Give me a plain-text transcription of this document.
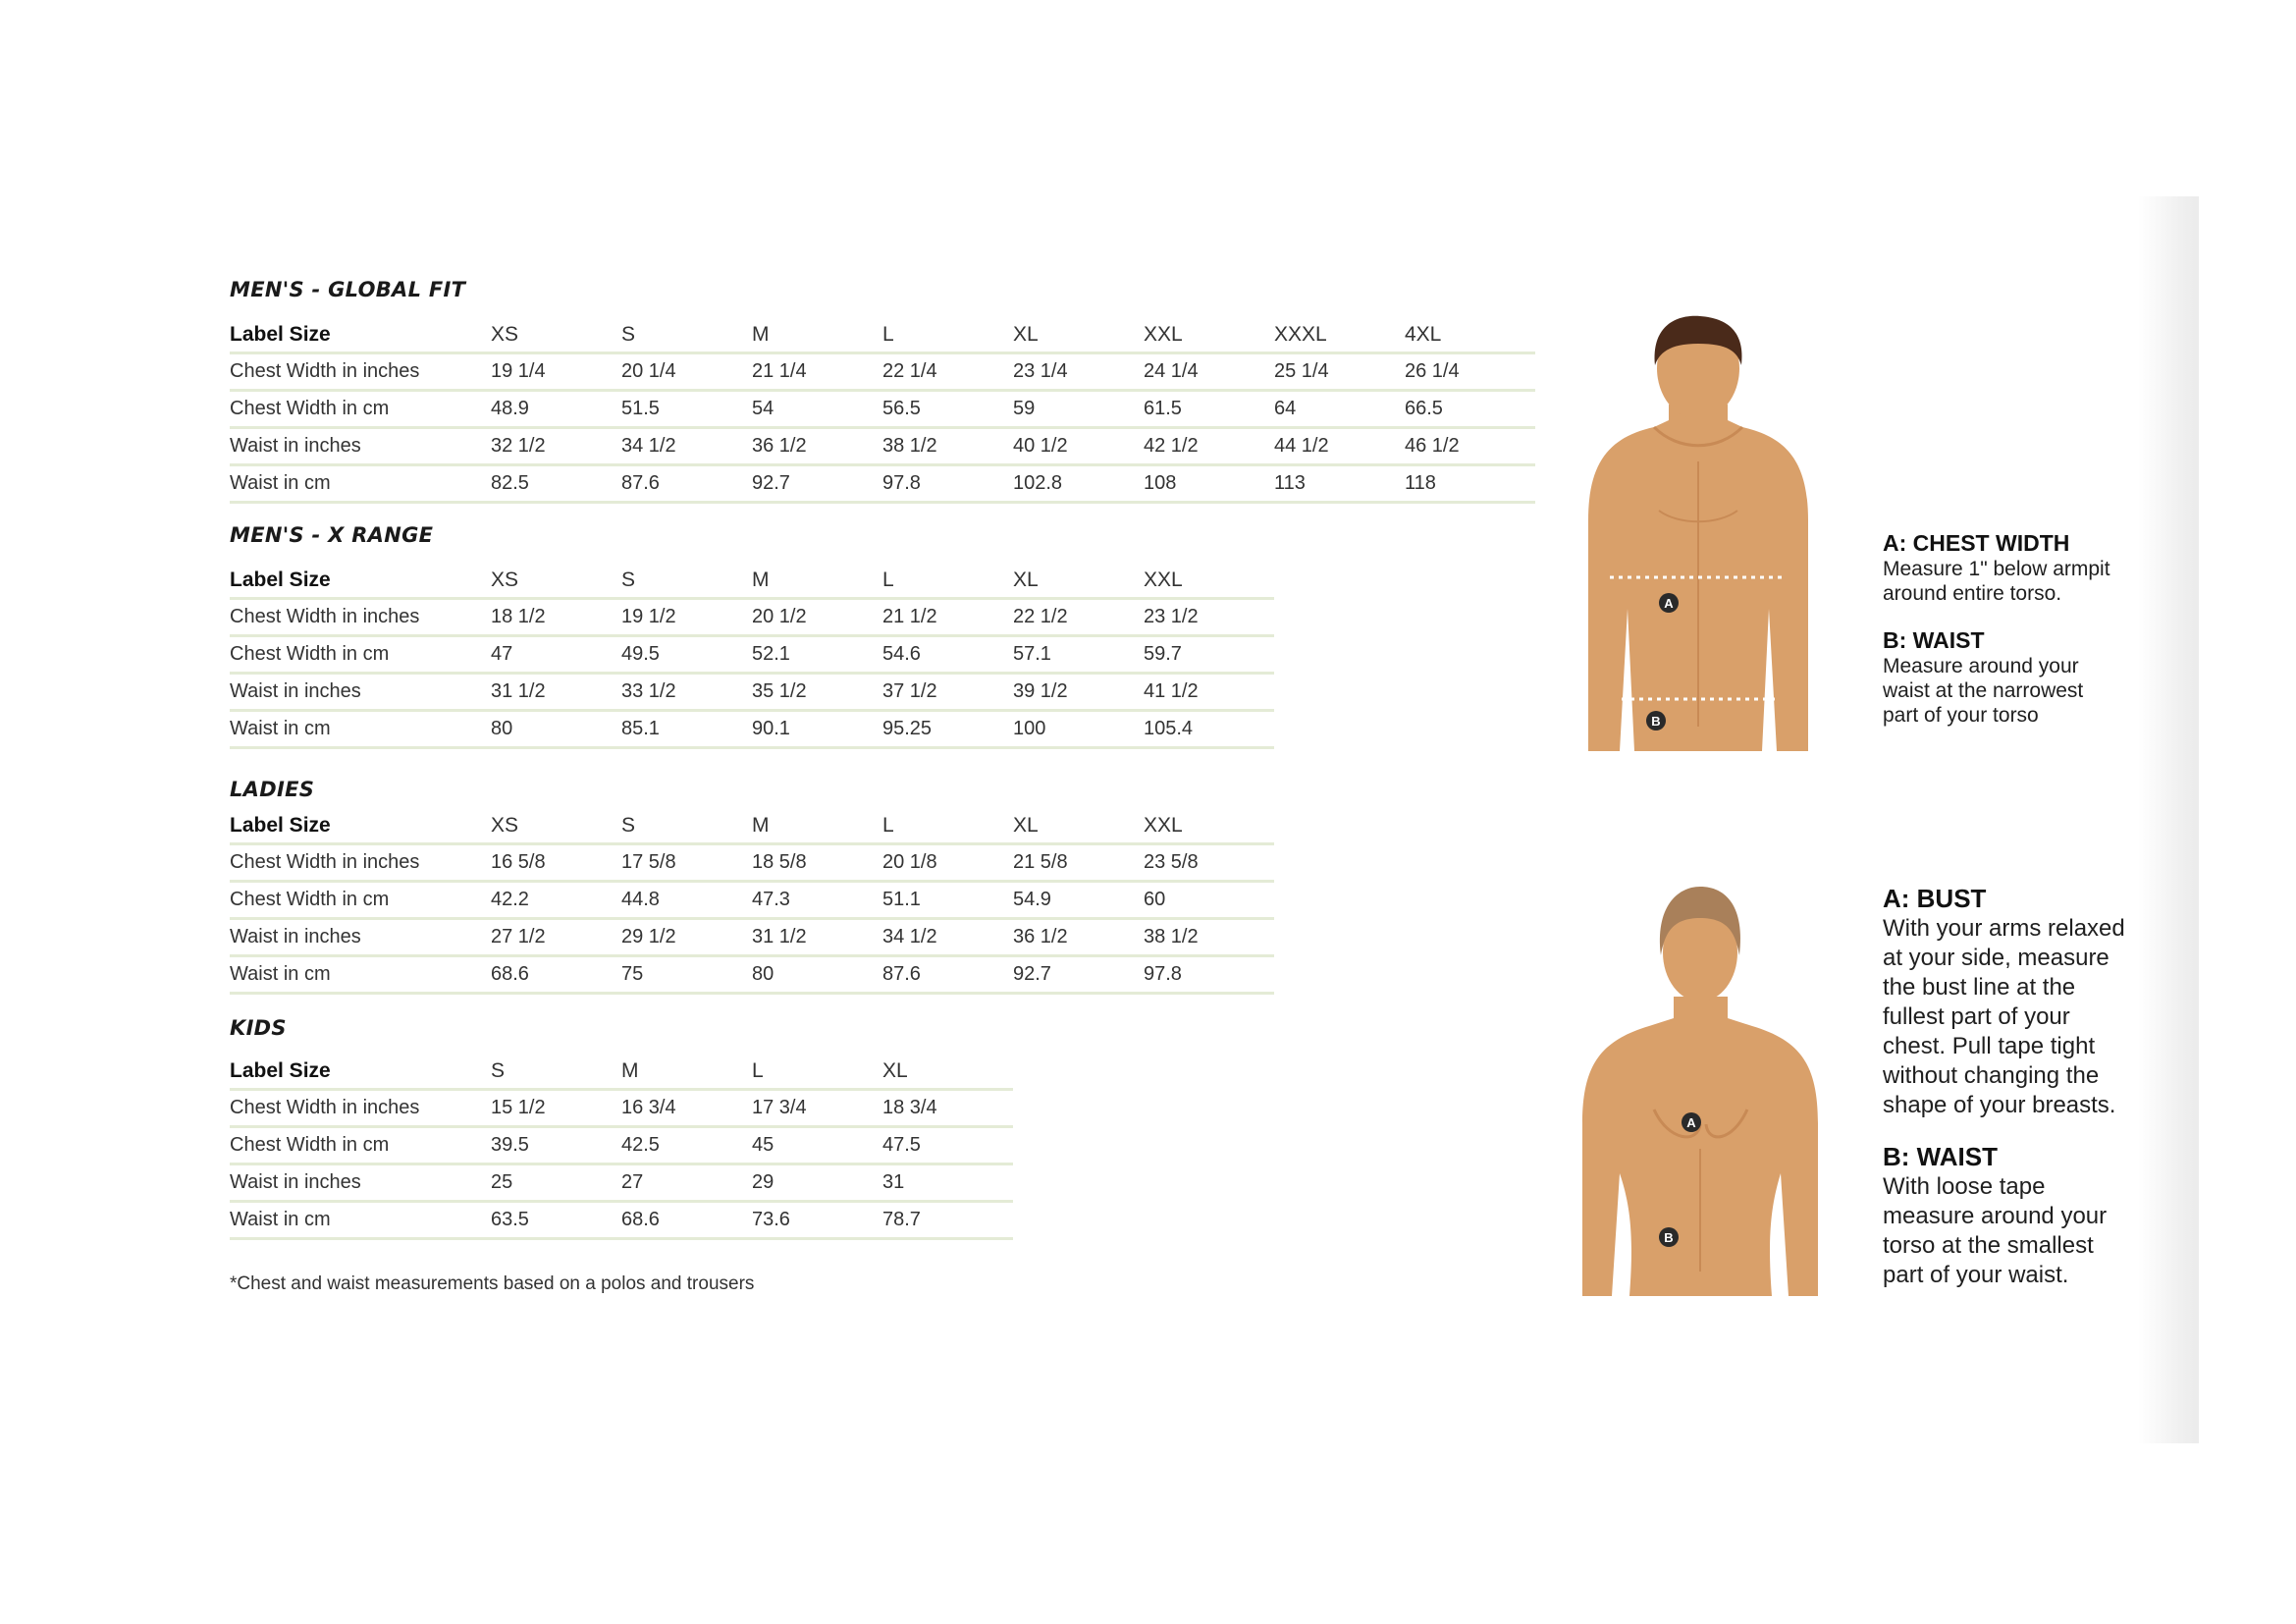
MEN'S - GLOBAL FIT
Label Size	XS	S	M	L	XL	XXL	XXXL	4XL
Chest Width in inches	19 1/4	20 1/4	21 1/4	22 1/4	23 1/4	24 1/4	25 1/4	26 1/4
Chest Width in cm	48.9	51.5	54	56.5	59	61.5	64	66.5
Waist in inches	32 1/2	34 1/2	36 1/2	38 1/2	40 1/2	42 1/2	44 1/2	46 1/2
Waist in cm	82.5	87.6	92.7	97.8	102.8	108	113	118
MEN'S - X RANGE
Label Size	XS	S	M	L	XL	XXL
Chest Width in inches	18 1/2	19 1/2	20 1/2	21 1/2	22 1/2	23 1/2
Chest Width in cm	47	49.5	52.1	54.6	57.1	59.7
Waist in inches	31 1/2	33 1/2	35 1/2	37 1/2	39 1/2	41 1/2
Waist in cm	80	85.1	90.1	95.25	100	105.4
LADIES
Label Size	XS	S	M	L	XL	XXL
Chest Width in inches	16 5/8	17 5/8	18 5/8	20 1/8	21 5/8	23 5/8
Chest Width in cm	42.2	44.8	47.3	51.1	54.9	60
Waist in inches	27 1/2	29 1/2	31 1/2	34 1/2	36 1/2	38 1/2
Waist in cm	68.6	75	80	87.6	92.7	97.8
KIDS
Label Size	S	M	L	XL
Chest Width in inches	15 1/2	16 3/4	17 3/4	18 3/4
Chest Width in cm	39.5	42.5	45	47.5
Waist in inches	25	27	29	31
Waist in cm	63.5	68.6	73.6	78.7
*Chest and waist measurements based on a polos and trousers
A
B
A: CHEST WIDTH

Measure 1" below armpit

around entire torso.

B: WAIST

Measure around your

waist at the narrowest

part of your torso

A
B
A: BUST

With your arms relaxed

at your side, measure

the bust line at the

fullest part of your

chest. Pull tape tight

without changing the

shape of your breasts.

B: WAIST

With loose tape

measure around your

torso at the smallest

part of your waist.
